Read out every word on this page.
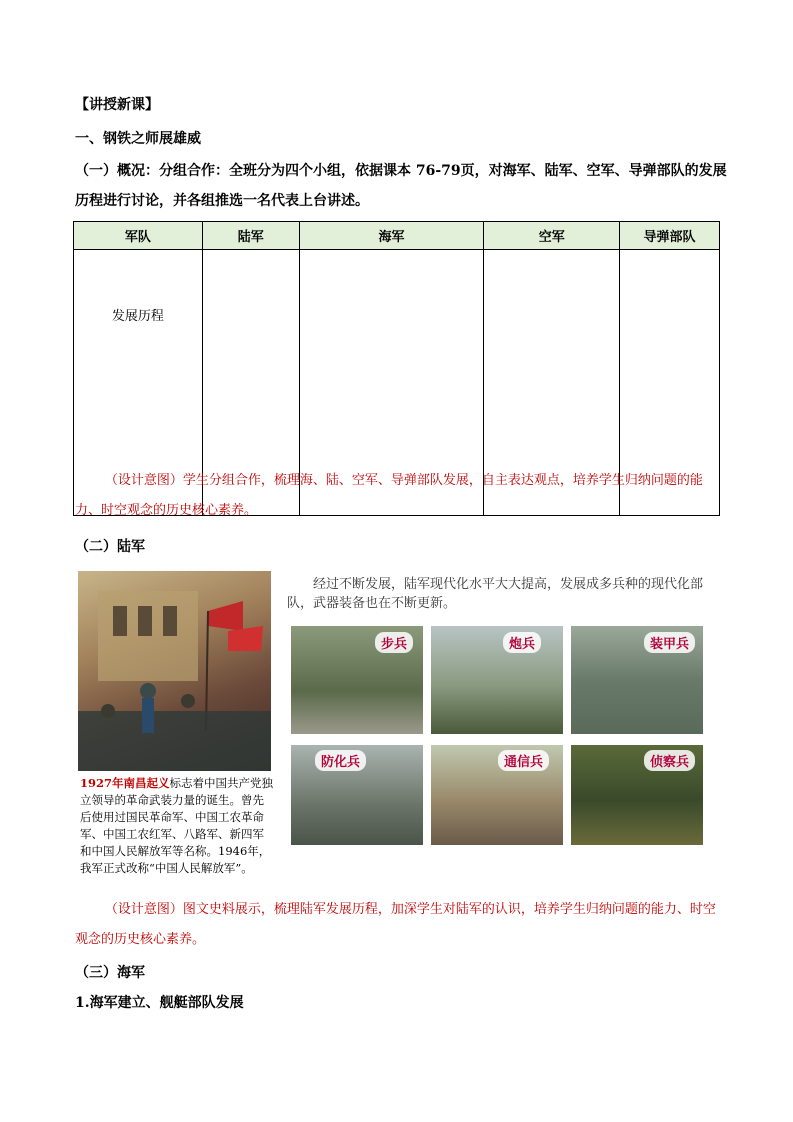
【讲授新课】
一、钢铁之师展雄威
（一）概况：分组合作：全班分为四个小组，依据课本 76-79页，对海军、陆军、空军、导弹部队的发展历程进行讨论，并各组推选一名代表上台讲述。
军队	陆军	海军	空军	导弹部队
发展历程				
（设计意图）学生分组合作，梳理海、陆、空军、导弹部队发展，自主表达观点，培养学生归纳问题的能力、时空观念的历史核心素养。
（二）陆军
1927年南昌起义标志着中国共产党独立领导的革命武装力量的诞生。曾先后使用过国民革命军、中国工农革命军、中国工农红军、八路军、新四军和中国人民解放军等名称。1946年，我军正式改称“中国人民解放军”。
经过不断发展，陆军现代化水平大大提高，发展成多兵种的现代化部队，武器装备也在不断更新。
步兵	炮兵	装甲兵
防化兵	通信兵	侦察兵
（设计意图）图文史料展示，梳理陆军发展历程，加深学生对陆军的认识，培养学生归纳问题的能力、时空观念的历史核心素养。
（三）海军
1.海军建立、舰艇部队发展
